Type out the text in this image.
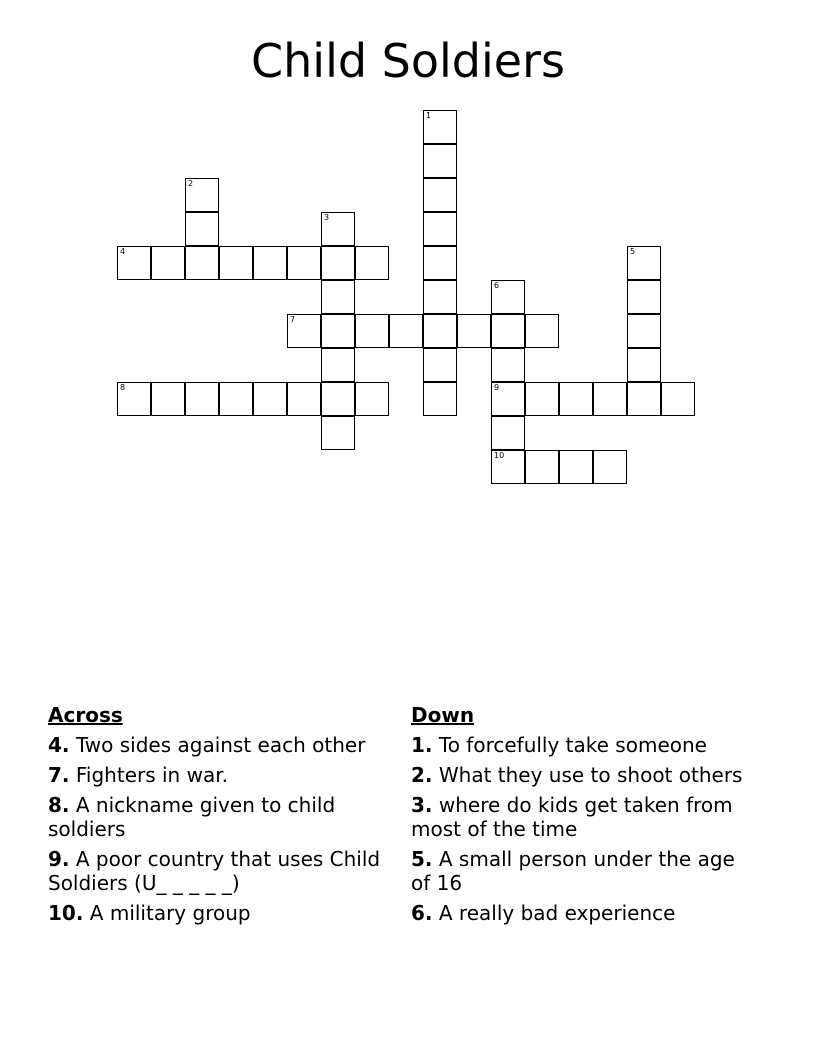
Child Soldiers
1
2
3
4	5
6
9
10
7
8
Across
4. Two sides against each other
7. Fighters in war.
8. A nickname given to child soldiers
9. A poor country that uses Child Soldiers (U_ _ _ _ _)
10. A military group
Down
1. To forcefully take someone
2. What they use to shoot others
3. where do kids get taken from most of the time
5. A small person under the age of 16
6. A really bad experience
